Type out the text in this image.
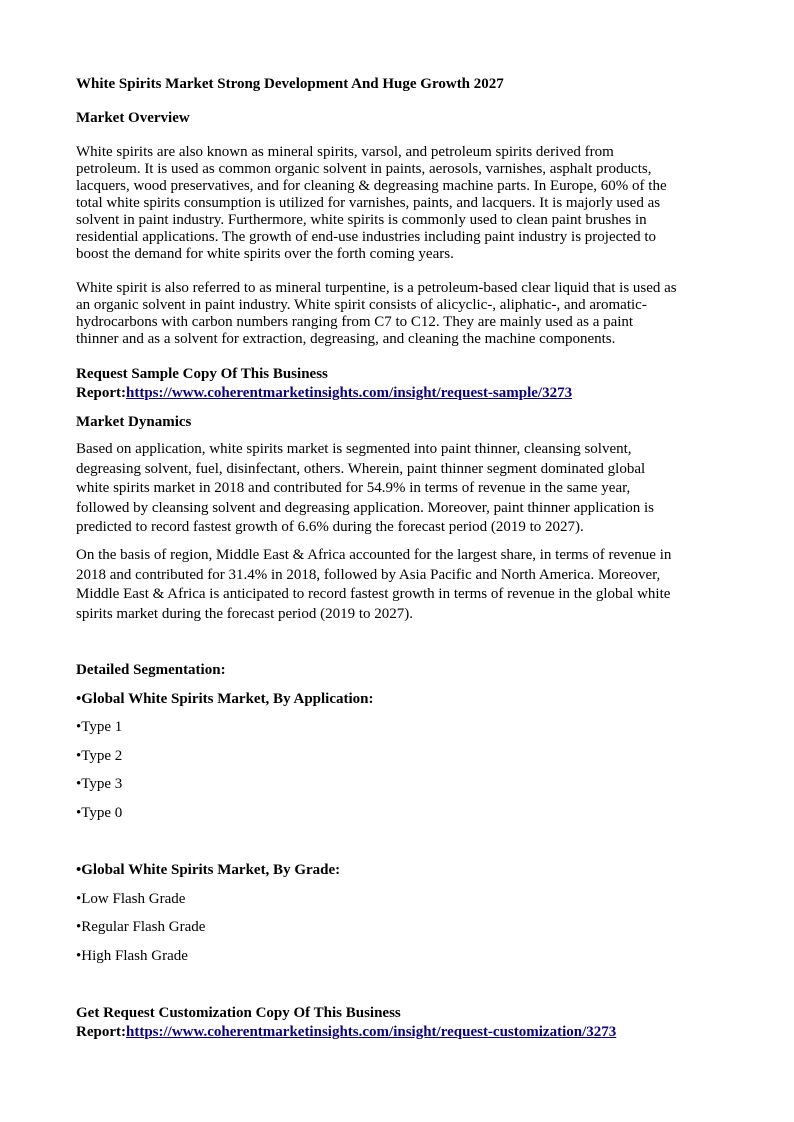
White Spirits Market Strong Development And Huge Growth 2027
Market Overview
White spirits are also known as mineral spirits, varsol, and petroleum spirits derived from
petroleum. It is used as common organic solvent in paints, aerosols, varnishes, asphalt products,
lacquers, wood preservatives, and for cleaning & degreasing machine parts. In Europe, 60% of the
total white spirits consumption is utilized for varnishes, paints, and lacquers. It is majorly used as
solvent in paint industry. Furthermore, white spirits is commonly used to clean paint brushes in
residential applications. The growth of end-use industries including paint industry is projected to
boost the demand for white spirits over the forth coming years.
White spirit is also referred to as mineral turpentine, is a petroleum-based clear liquid that is used as
an organic solvent in paint industry. White spirit consists of alicyclic-, aliphatic-, and aromatic-
hydrocarbons with carbon numbers ranging from C7 to C12. They are mainly used as a paint
thinner and as a solvent for extraction, degreasing, and cleaning the machine components.
Request Sample Copy Of This Business
Report:https://www.coherentmarketinsights.com/insight/request-sample/3273
Market Dynamics
Based on application, white spirits market is segmented into paint thinner, cleansing solvent,
degreasing solvent, fuel, disinfectant, others. Wherein, paint thinner segment dominated global
white spirits market in 2018 and contributed for 54.9% in terms of revenue in the same year,
followed by cleansing solvent and degreasing application. Moreover, paint thinner application is
predicted to record fastest growth of 6.6% during the forecast period (2019 to 2027).
On the basis of region, Middle East & Africa accounted for the largest share, in terms of revenue in
2018 and contributed for 31.4% in 2018, followed by Asia Pacific and North America. Moreover,
Middle East & Africa is anticipated to record fastest growth in terms of revenue in the global white
spirits market during the forecast period (2019 to 2027).
Detailed Segmentation:
•Global White Spirits Market, By Application:
•Type 1
•Type 2
•Type 3
•Type 0
•Global White Spirits Market, By Grade:
•Low Flash Grade
•Regular Flash Grade
•High Flash Grade
Get Request Customization Copy Of This Business
Report:https://www.coherentmarketinsights.com/insight/request-customization/3273
